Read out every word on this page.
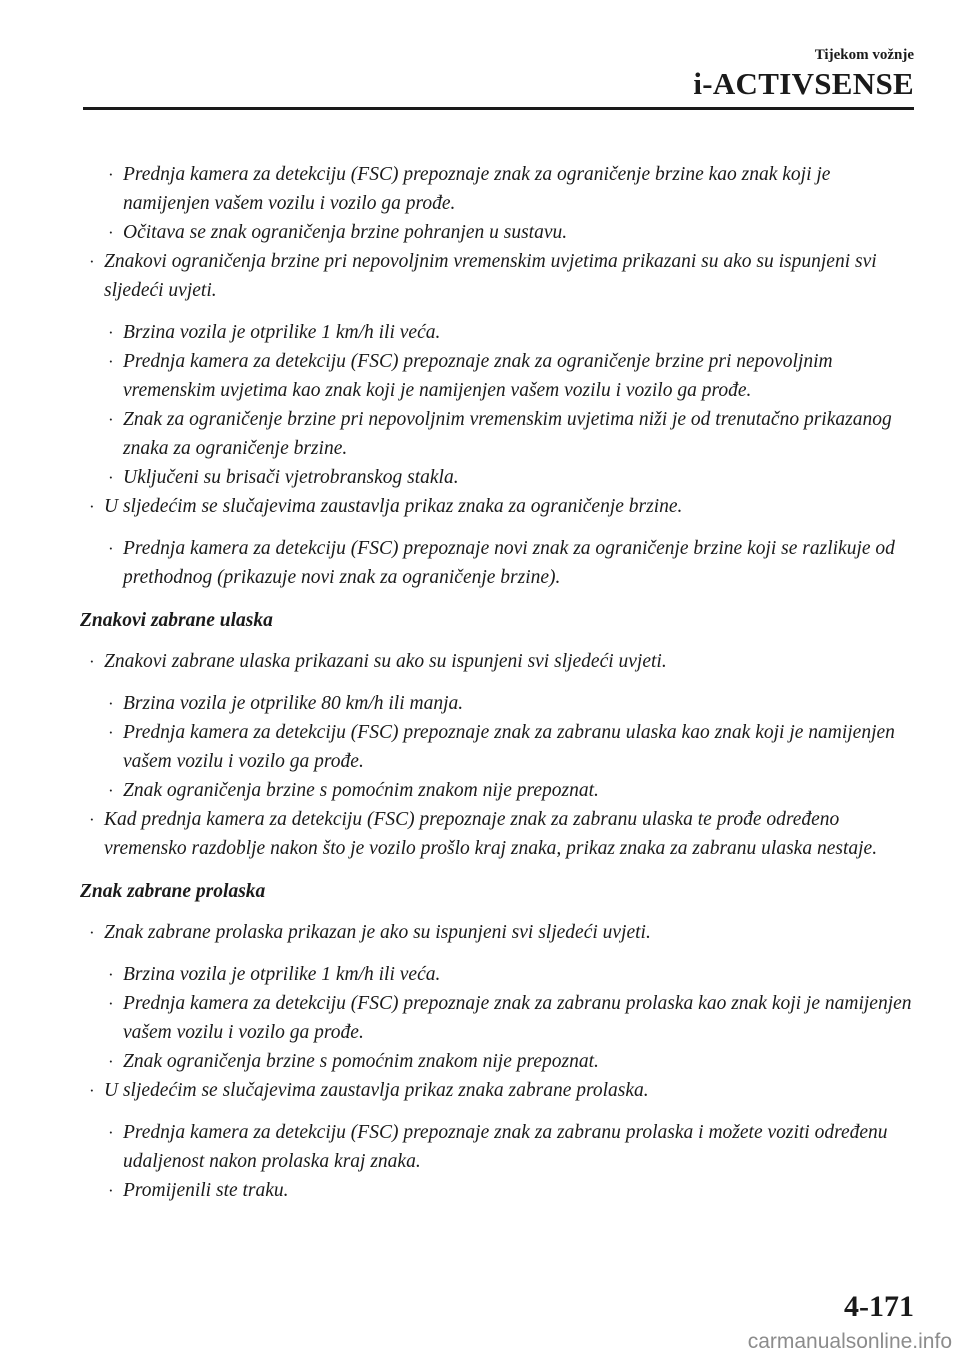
Tijekom vožnje
i-ACTIVSENSE
· Prednja kamera za detekciju (FSC) prepoznaje znak za ograničenje brzine kao znak koji je namijenjen vašem vozilu i vozilo ga prođe.
· Očitava se znak ograničenja brzine pohranjen u sustavu.
· Znakovi ograničenja brzine pri nepovoljnim vremenskim uvjetima prikazani su ako su ispunjeni svi sljedeći uvjeti.
· Brzina vozila je otprilike 1 km/h ili veća.
· Prednja kamera za detekciju (FSC) prepoznaje znak za ograničenje brzine pri nepovoljnim vremenskim uvjetima kao znak koji je namijenjen vašem vozilu i vozilo ga prođe.
· Znak za ograničenje brzine pri nepovoljnim vremenskim uvjetima niži je od trenutačno prikazanog znaka za ograničenje brzine.
· Uključeni su brisači vjetrobranskog stakla.
· U sljedećim se slučajevima zaustavlja prikaz znaka za ograničenje brzine.
· Prednja kamera za detekciju (FSC) prepoznaje novi znak za ograničenje brzine koji se razlikuje od prethodnog (prikazuje novi znak za ograničenje brzine).
Znakovi zabrane ulaska
· Znakovi zabrane ulaska prikazani su ako su ispunjeni svi sljedeći uvjeti.
· Brzina vozila je otprilike 80 km/h ili manja.
· Prednja kamera za detekciju (FSC) prepoznaje znak za zabranu ulaska kao znak koji je namijenjen vašem vozilu i vozilo ga prođe.
· Znak ograničenja brzine s pomoćnim znakom nije prepoznat.
· Kad prednja kamera za detekciju (FSC) prepoznaje znak za zabranu ulaska te prođe određeno vremensko razdoblje nakon što je vozilo prošlo kraj znaka, prikaz znaka za zabranu ulaska nestaje.
Znak zabrane prolaska
· Znak zabrane prolaska prikazan je ako su ispunjeni svi sljedeći uvjeti.
· Brzina vozila je otprilike 1 km/h ili veća.
· Prednja kamera za detekciju (FSC) prepoznaje znak za zabranu prolaska kao znak koji je namijenjen vašem vozilu i vozilo ga prođe.
· Znak ograničenja brzine s pomoćnim znakom nije prepoznat.
· U sljedećim se slučajevima zaustavlja prikaz znaka zabrane prolaska.
· Prednja kamera za detekciju (FSC) prepoznaje znak za zabranu prolaska i možete voziti određenu udaljenost nakon prolaska kraj znaka.
· Promijenili ste traku.
4-171
carmanualsonline.info
